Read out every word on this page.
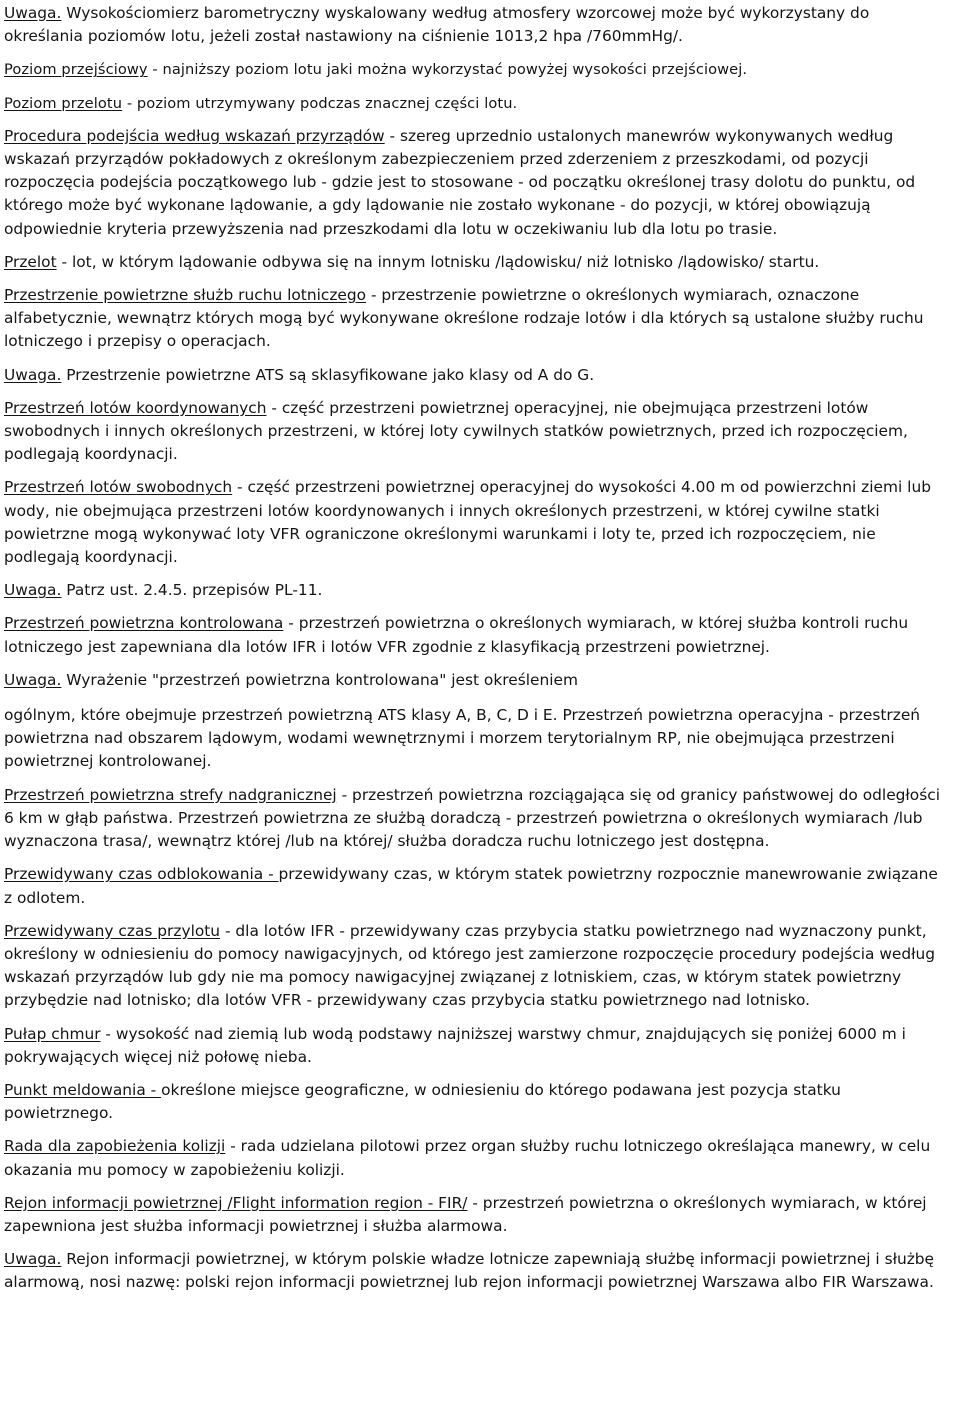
Uwaga. Wysokościomierz barometryczny wyskalowany według atmosfery wzorcowej może być wykorzystany do określania poziomów lotu, jeżeli został nastawiony na ciśnienie 1013,2 hpa /760mmHg/.

Poziom przejściowy - najniższy poziom lotu jaki można wykorzystać powyżej wysokości przejściowej.

Poziom przelotu - poziom utrzymywany podczas znacznej części lotu.

Procedura podejścia według wskazań przyrządów - szereg uprzednio ustalonych manewrów wykonywanych według wskazań przyrządów pokładowych z określonym zabezpieczeniem przed zderzeniem z przeszkodami, od pozycji rozpoczęcia podejścia początkowego lub - gdzie jest to stosowane - od początku określonej trasy dolotu do punktu, od którego może być wykonane lądowanie, a gdy lądowanie nie zostało wykonane - do pozycji, w której obowiązują odpowiednie kryteria przewyższenia nad przeszkodami dla lotu w oczekiwaniu lub dla lotu po trasie.

Przelot - lot, w którym lądowanie odbywa się na innym lotnisku /lądowisku/ niż lotnisko /lądowisko/ startu.

Przestrzenie powietrzne służb ruchu lotniczego - przestrzenie powietrzne o określonych wymiarach, oznaczone alfabetycznie, wewnątrz których mogą być wykonywane określone rodzaje lotów i dla których są ustalone służby ruchu lotniczego i przepisy o operacjach.

Uwaga. Przestrzenie powietrzne ATS są sklasyfikowane jako klasy od A do G.

Przestrzeń lotów koordynowanych - część przestrzeni powietrznej operacyjnej, nie obejmująca przestrzeni lotów swobodnych i innych określonych przestrzeni, w której loty cywilnych statków powietrznych, przed ich rozpoczęciem, podlegają koordynacji.

Przestrzeń lotów swobodnych - część przestrzeni powietrznej operacyjnej do wysokości 4.00 m od powierzchni ziemi lub wody, nie obejmująca przestrzeni lotów koordynowanych i innych określonych przestrzeni, w której cywilne statki powietrzne mogą wykonywać loty VFR ograniczone określonymi warunkami i loty te, przed ich rozpoczęciem, nie podlegają koordynacji.

Uwaga. Patrz ust. 2.4.5. przepisów PL-11.

Przestrzeń powietrzna kontrolowana - przestrzeń powietrzna o określonych wymiarach, w której służba kontroli ruchu lotniczego jest zapewniana dla lotów IFR i lotów VFR zgodnie z klasyfikacją przestrzeni powietrznej.

Uwaga. Wyrażenie "przestrzeń powietrzna kontrolowana" jest określeniem

ogólnym, które obejmuje przestrzeń powietrzną ATS klasy A, B, C, D i E. Przestrzeń powietrzna operacyjna - przestrzeń powietrzna nad obszarem lądowym, wodami wewnętrznymi i morzem terytorialnym RP, nie obejmująca przestrzeni powietrznej kontrolowanej.

Przestrzeń powietrzna strefy nadgranicznej - przestrzeń powietrzna rozciągająca się od granicy państwowej do odległości 6 km w głąb państwa. Przestrzeń powietrzna ze służbą doradczą - przestrzeń powietrzna o określonych wymiarach /lub wyznaczona trasa/, wewnątrz której /lub na której/ służba doradcza ruchu lotniczego jest dostępna.

Przewidywany czas odblokowania - przewidywany czas, w którym statek powietrzny rozpocznie manewrowanie związane z odlotem.

Przewidywany czas przylotu - dla lotów IFR - przewidywany czas przybycia statku powietrznego nad wyznaczony punkt, określony w odniesieniu do pomocy nawigacyjnych, od którego jest zamierzone rozpoczęcie procedury podejścia według wskazań przyrządów lub gdy nie ma pomocy nawigacyjnej związanej z lotniskiem, czas, w którym statek powietrzny przybędzie nad lotnisko; dla lotów VFR - przewidywany czas przybycia statku powietrznego nad lotnisko.

Pułap chmur - wysokość nad ziemią lub wodą podstawy najniższej warstwy chmur, znajdujących się poniżej 6000 m i pokrywających więcej niż połowę nieba.

Punkt meldowania - określone miejsce geograficzne, w odniesieniu do którego podawana jest pozycja statku powietrznego.

Rada dla zapobieżenia kolizji - rada udzielana pilotowi przez organ służby ruchu lotniczego określająca manewry, w celu okazania mu pomocy w zapobieżeniu kolizji.

Rejon informacji powietrznej /Flight information region - FIR/ - przestrzeń powietrzna o określonych wymiarach, w której zapewniona jest służba informacji powietrznej i służba alarmowa.

Uwaga. Rejon informacji powietrznej, w którym polskie władze lotnicze zapewniają służbę informacji powietrznej i służbę alarmową, nosi nazwę: polski rejon informacji powietrznej lub rejon informacji powietrznej Warszawa albo FIR Warszawa.
